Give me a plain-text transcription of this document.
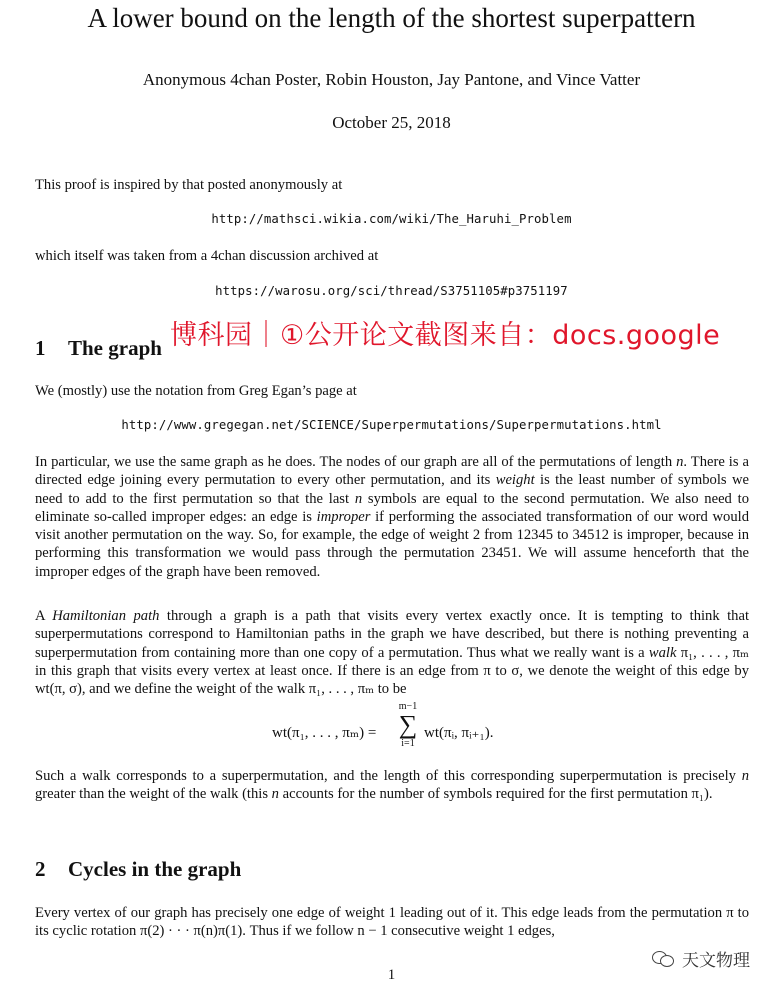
A lower bound on the length of the shortest superpattern
Anonymous 4chan Poster, Robin Houston, Jay Pantone, and Vince Vatter
October 25, 2018
This proof is inspired by that posted anonymously at
http://mathsci.wikia.com/wiki/The_Haruhi_Problem
which itself was taken from a 4chan discussion archived at
https://warosu.org/sci/thread/S3751105#p3751197
1 The graph 博科园｜①公开论文截图来自：docs.google
We (mostly) use the notation from Greg Egan’s page at
http://www.gregegan.net/SCIENCE/Superpermutations/Superpermutations.html
In particular, we use the same graph as he does. The nodes of our graph are all of the permutations of length n. There is a directed edge joining every permutation to every other permutation, and its weight is the least number of symbols we need to add to the first permutation so that the last n symbols are equal to the second permutation. We also need to eliminate so-called improper edges: an edge is improper if performing the associated transformation of our word would visit another permutation on the way. So, for example, the edge of weight 2 from 12345 to 34512 is improper, because in performing this transformation we would pass through the permutation 23451. We will assume henceforth that the improper edges of the graph have been removed.
A Hamiltonian path through a graph is a path that visits every vertex exactly once. It is tempting to think that superpermutations correspond to Hamiltonian paths in the graph we have described, but there is nothing preventing a superpermutation from containing more than one copy of a permutation. Thus what we really want is a walk π₁, . . . , πₘ in this graph that visits every vertex at least once. If there is an edge from π to σ, we denote the weight of this edge by wt(π, σ), and we define the weight of the walk π₁, . . . , πₘ to be
wt(π₁, . . . , πₘ) =
m−1
∑
i=1
wt(πᵢ, πᵢ₊₁).
Such a walk corresponds to a superpermutation, and the length of this corresponding superpermutation is precisely n greater than the weight of the walk (this n accounts for the number of symbols required for the first permutation π₁).
2 Cycles in the graph
Every vertex of our graph has precisely one edge of weight 1 leading out of it. This edge leads from the permutation π to its cyclic rotation π(2) · · · π(n)π(1). Thus if we follow n − 1 consecutive weight 1 edges,
1
天文物理
